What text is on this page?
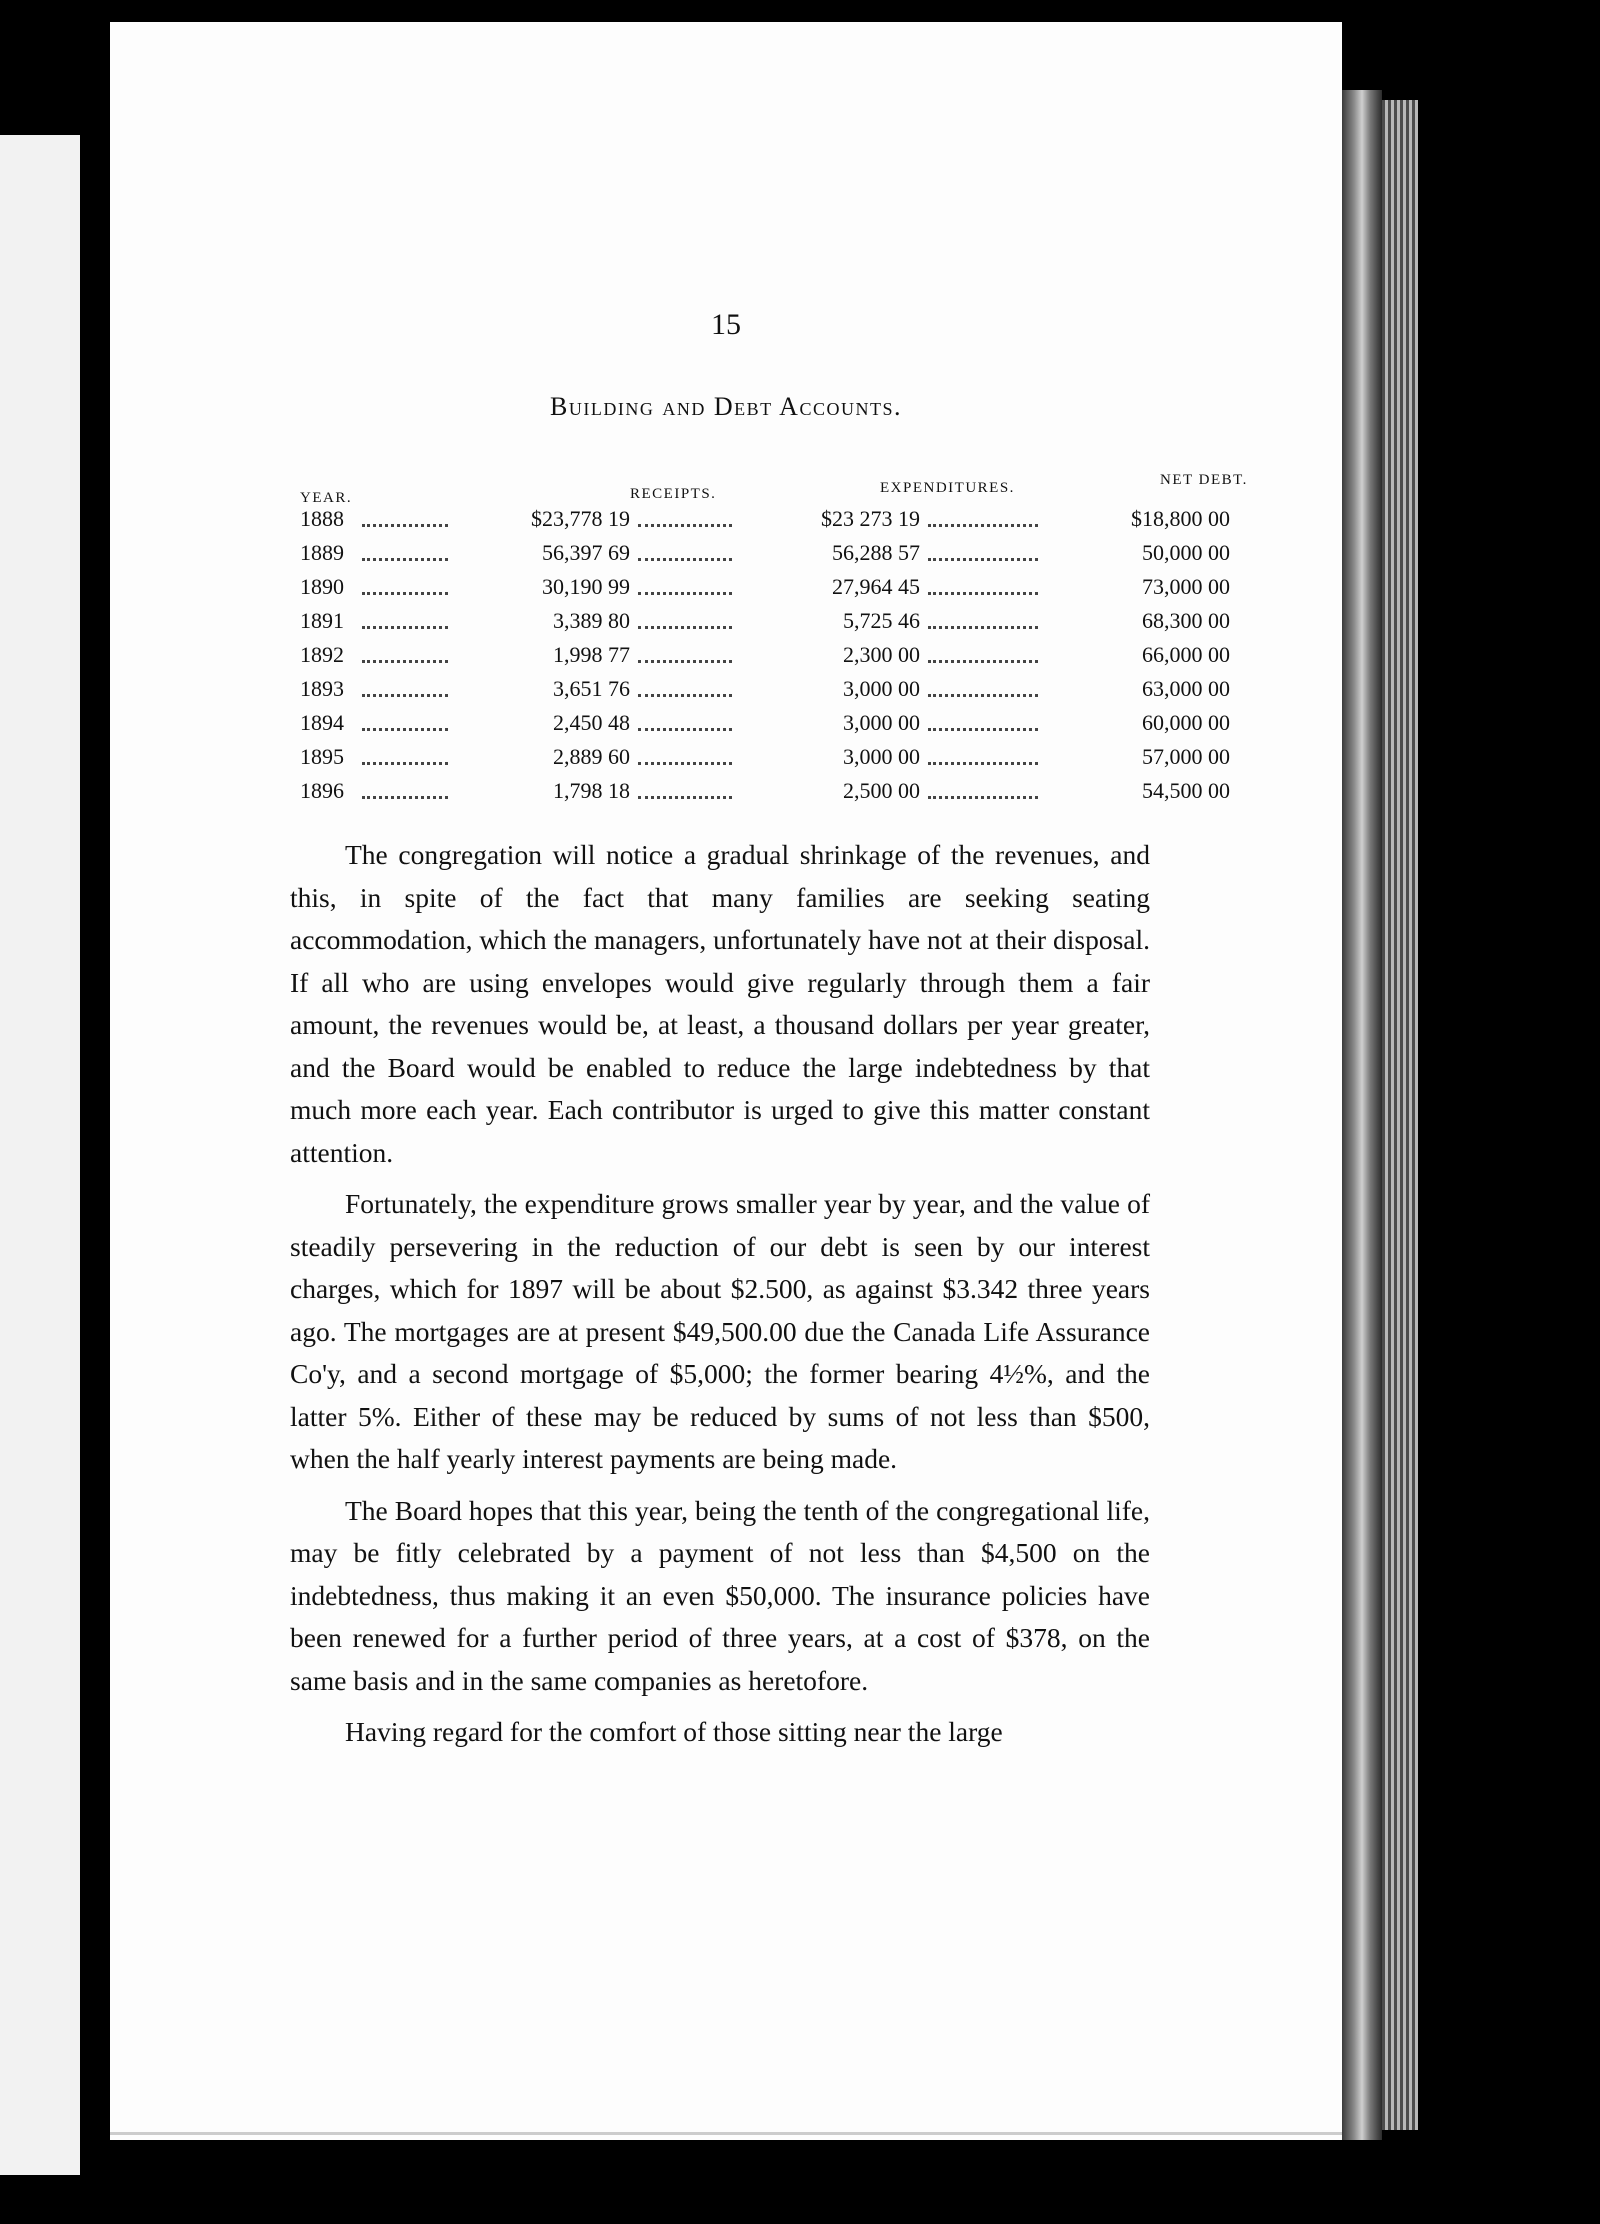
15
Building and Debt Accounts.
YEAR.	RECEIPTS.	EXPENDITURES.	NET DEBT.
1888	$23,778 19	$23 273 19	$18,800 00
1889	56,397 69	56,288 57	50,000 00
1890	30,190 99	27,964 45	73,000 00
1891	3,389 80	5,725 46	68,300 00
1892	1,998 77	2,300 00	66,000 00
1893	3,651 76	3,000 00	63,000 00
1894	2,450 48	3,000 00	60,000 00
1895	2,889 60	3,000 00	57,000 00
1896	1,798 18	2,500 00	54,500 00

The congregation will notice a gradual shrinkage of the revenues, and this, in spite of the fact that many families are seeking seating accommodation, which the managers, unfortunately have not at their disposal. If all who are using envelopes would give regularly through them a fair amount, the revenues would be, at least, a thousand dollars per year greater, and the Board would be enabled to reduce the large indebtedness by that much more each year. Each contributor is urged to give this matter constant attention.

Fortunately, the expenditure grows smaller year by year, and the value of steadily persevering in the reduction of our debt is seen by our interest charges, which for 1897 will be about $2.500, as against $3.342 three years ago. The mortgages are at present $49,500.00 due the Canada Life Assurance Co'y, and a second mortgage of $5,000; the former bearing 4½%, and the latter 5%. Either of these may be reduced by sums of not less than $500, when the half yearly interest payments are being made.

The Board hopes that this year, being the tenth of the congregational life, may be fitly celebrated by a payment of not less than $4,500 on the indebtedness, thus making it an even $50,000. The insurance policies have been renewed for a further period of three years, at a cost of $378, on the same basis and in the same companies as heretofore.

Having regard for the comfort of those sitting near the large
